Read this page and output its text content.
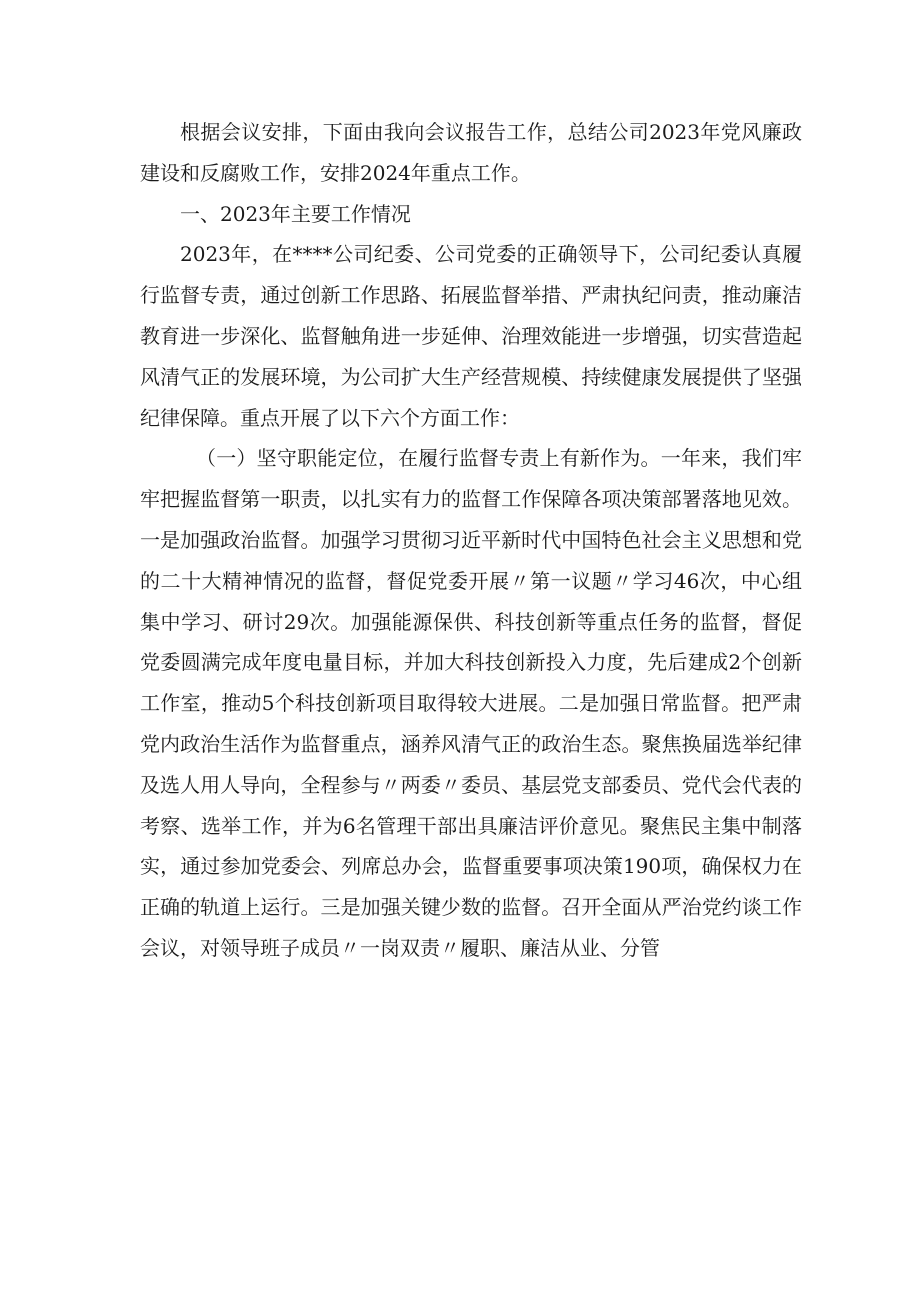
根据会议安排，下面由我向会议报告工作，总结公司2023年党风廉政建设和反腐败工作，安排2024年重点工作。

一、2023年主要工作情况

2023年，在****公司纪委、公司党委的正确领导下，公司纪委认真履行监督专责，通过创新工作思路、拓展监督举措、严肃执纪问责，推动廉洁教育进一步深化、监督触角进一步延伸、治理效能进一步增强，切实营造起风清气正的发展环境，为公司扩大生产经营规模、持续健康发展提供了坚强纪律保障。重点开展了以下六个方面工作：

（一）坚守职能定位，在履行监督专责上有新作为。一年来，我们牢牢把握监督第一职责，以扎实有力的监督工作保障各项决策部署落地见效。一是加强政治监督。加强学习贯彻习近平新时代中国特色社会主义思想和党的二十大精神情况的监督，督促党委开展〃第一议题〃学习46次，中心组集中学习、研讨29次。加强能源保供、科技创新等重点任务的监督，督促党委圆满完成年度电量目标，并加大科技创新投入力度，先后建成2个创新工作室，推动5个科技创新项目取得较大进展。二是加强日常监督。把严肃党内政治生活作为监督重点，涵养风清气正的政治生态。聚焦换届选举纪律及选人用人导向，全程参与〃两委〃委员、基层党支部委员、党代会代表的考察、选举工作，并为6名管理干部出具廉洁评价意见。聚焦民主集中制落实，通过参加党委会、列席总办会，监督重要事项决策190项，确保权力在正确的轨道上运行。三是加强关键少数的监督。召开全面从严治党约谈工作会议，对领导班子成员〃一岗双责〃履职、廉洁从业、分管
